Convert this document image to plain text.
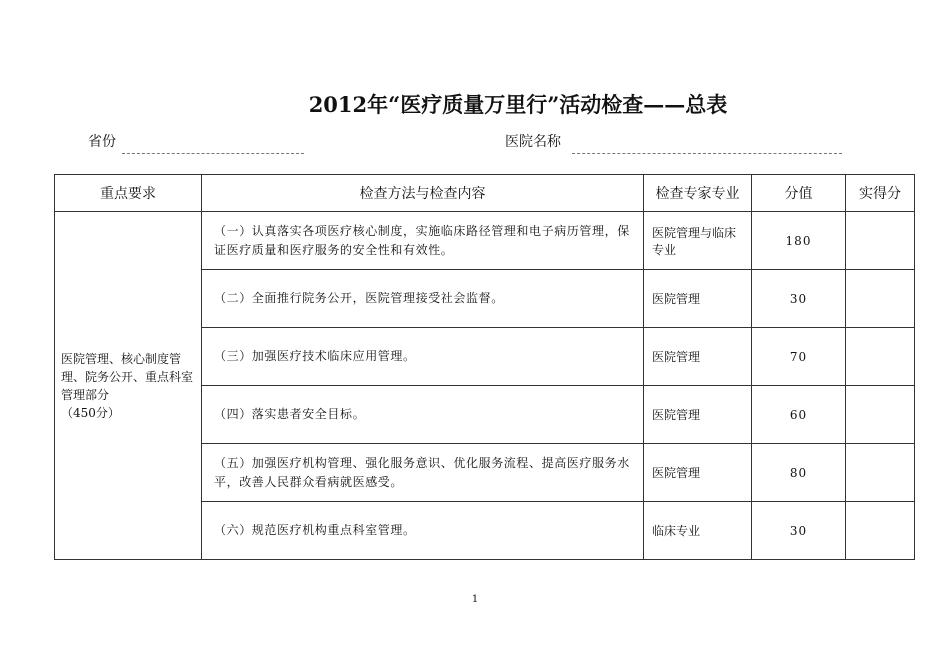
2012年“医疗质量万里行”活动检查——总表
省份	医院名称
重点要求	检查方法与检查内容	检查专家专业	分值	实得分
医院管理、核心制度管理、院务公开、重点科室管理部分
（450分）	（一）认真落实各项医疗核心制度，实施临床路径管理和电子病历管理，保证医疗质量和医疗服务的安全性和有效性。	医院管理与临床专业	180	
	（二）全面推行院务公开，医院管理接受社会监督。	医院管理	30	
	（三）加强医疗技术临床应用管理。	医院管理	70	
	（四）落实患者安全目标。	医院管理	60	
	（五）加强医疗机构管理、强化服务意识、优化服务流程、提高医疗服务水平，改善人民群众看病就医感受。	医院管理	80	
	（六）规范医疗机构重点科室管理。	临床专业	30	
1
